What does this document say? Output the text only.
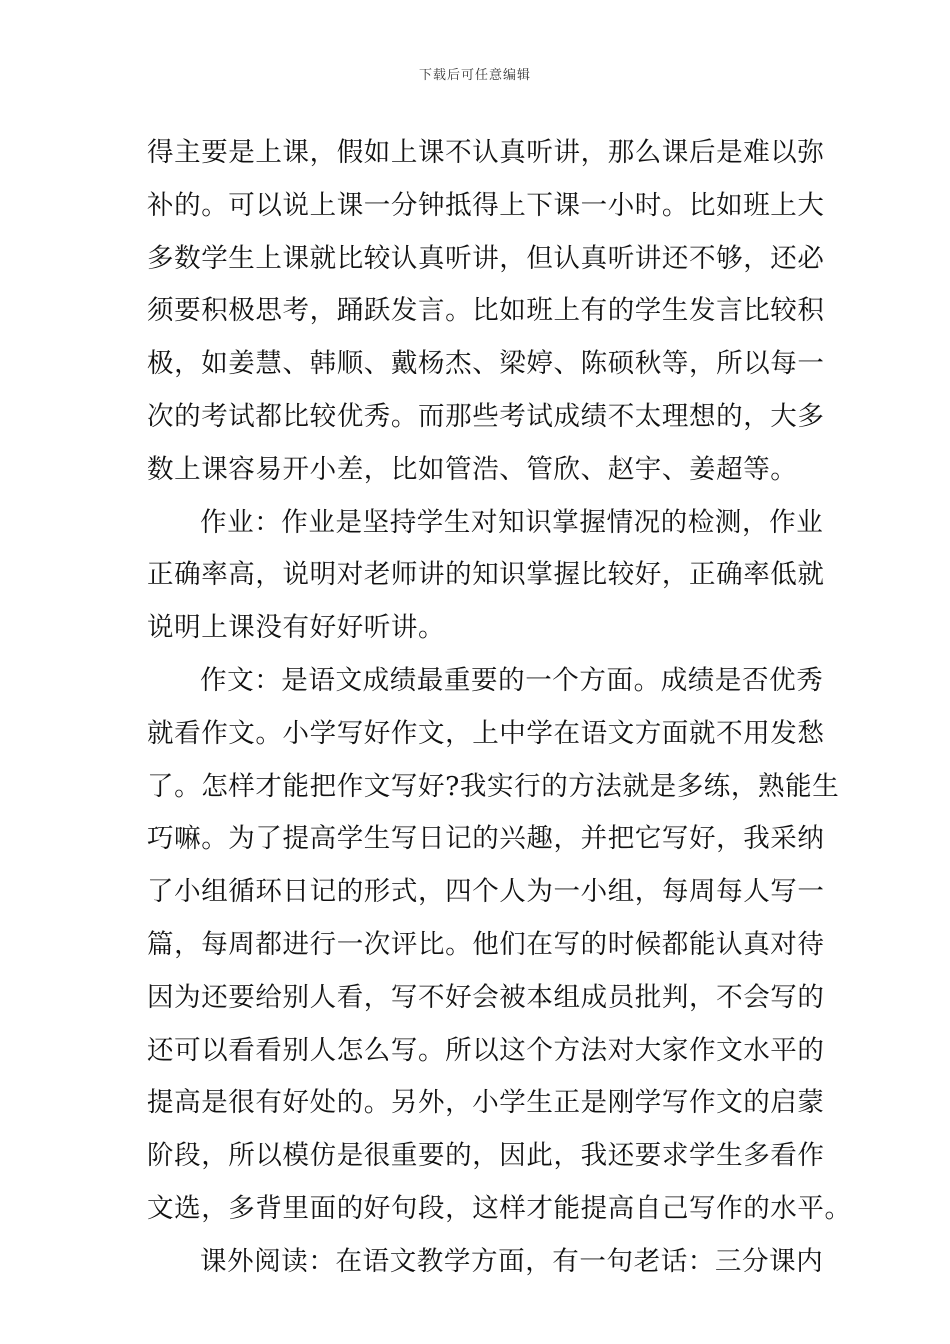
下载后可任意编辑
得主要是上课，假如上课不认真听讲，那么课后是难以弥
补的。可以说上课一分钟抵得上下课一小时。比如班上大
多数学生上课就比较认真听讲，但认真听讲还不够，还必
须要积极思考，踊跃发言。比如班上有的学生发言比较积
极，如姜慧、韩顺、戴杨杰、梁婷、陈硕秋等，所以每一
次的考试都比较优秀。而那些考试成绩不太理想的，大多
数上课容易开小差，比如管浩、管欣、赵宇、姜超等。
作业：作业是坚持学生对知识掌握情况的检测，作业
正确率高，说明对老师讲的知识掌握比较好，正确率低就
说明上课没有好好听讲。
作文：是语文成绩最重要的一个方面。成绩是否优秀
就看作文。小学写好作文，上中学在语文方面就不用发愁
了。怎样才能把作文写好?我实行的方法就是多练，熟能生
巧嘛。为了提高学生写日记的兴趣，并把它写好，我采纳
了小组循环日记的形式，四个人为一小组，每周每人写一
篇，每周都进行一次评比。他们在写的时候都能认真对待
因为还要给别人看，写不好会被本组成员批判，不会写的
还可以看看别人怎么写。所以这个方法对大家作文水平的
提高是很有好处的。另外，小学生正是刚学写作文的启蒙
阶段，所以模仿是很重要的，因此，我还要求学生多看作
文选，多背里面的好句段，这样才能提高自己写作的水平。
课外阅读：在语文教学方面，有一句老话：三分课内
